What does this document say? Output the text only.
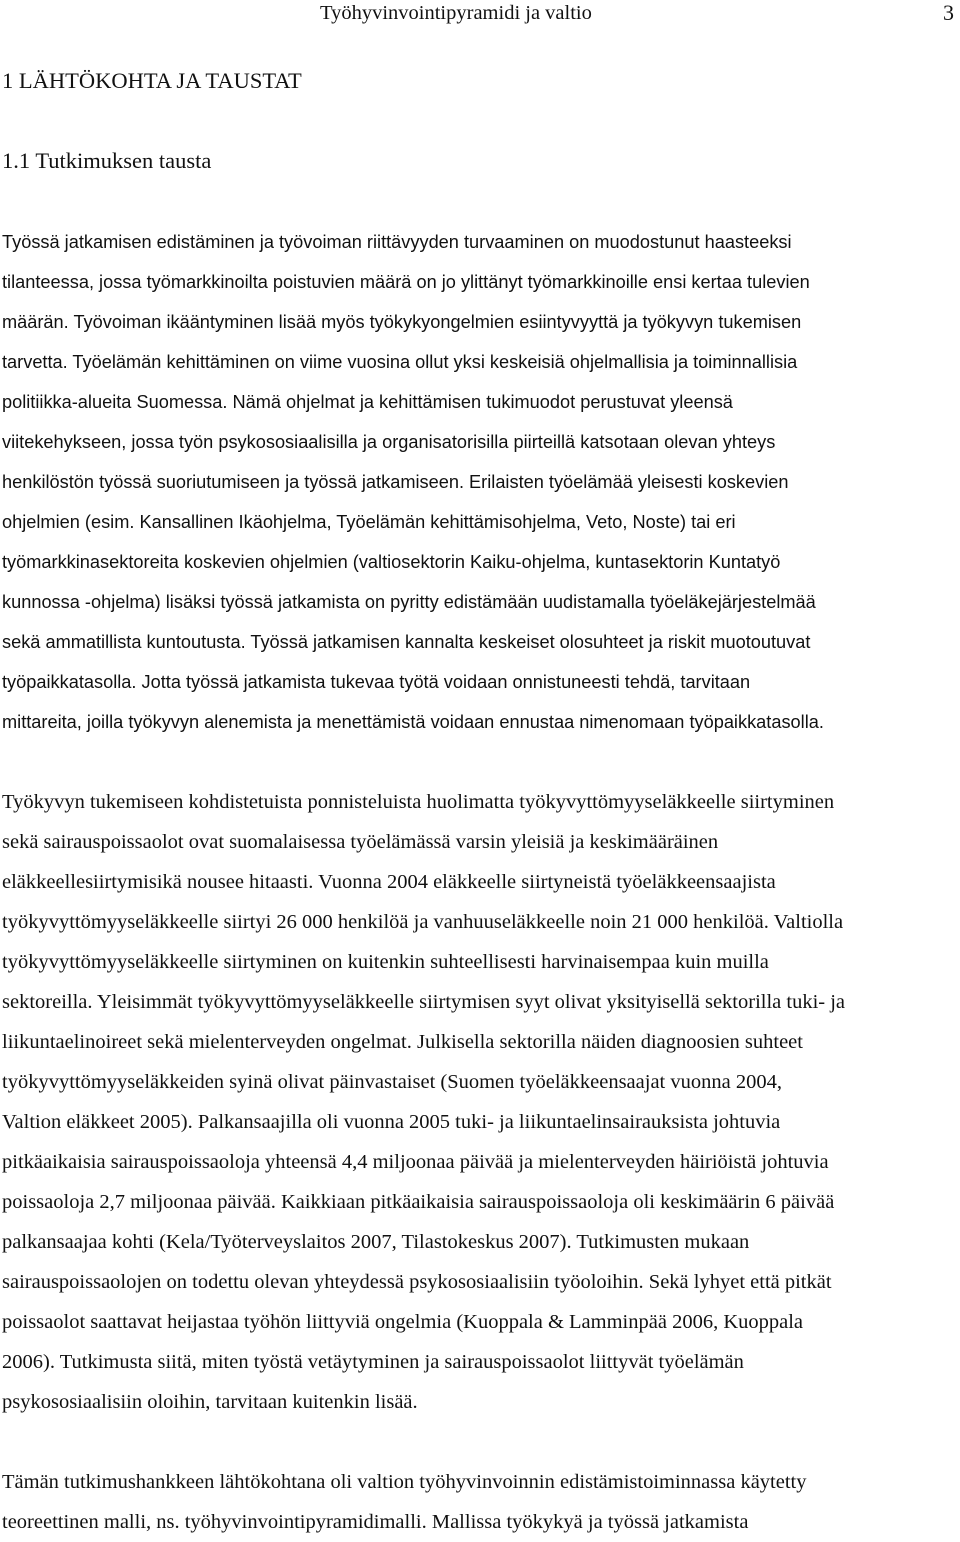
Työhyvinvointipyramidi ja valtio	3
1 LÄHTÖKOHTA JA TAUSTAT
1.1 Tutkimuksen tausta
Työssä jatkamisen edistäminen ja työvoiman riittävyyden turvaaminen on muodostunut haasteeksi
tilanteessa, jossa työmarkkinoilta poistuvien määrä on jo ylittänyt työmarkkinoille ensi kertaa tulevien
määrän. Työvoiman ikääntyminen lisää myös työkykyongelmien esiintyvyyttä ja työkyvyn tukemisen
tarvetta. Työelämän kehittäminen on viime vuosina ollut yksi keskeisiä ohjelmallisia ja toiminnallisia
politiikka-alueita Suomessa. Nämä ohjelmat ja kehittämisen tukimuodot perustuvat yleensä
viitekehykseen, jossa työn psykososiaalisilla ja organisatorisilla piirteillä katsotaan olevan yhteys
henkilöstön työssä suoriutumiseen ja työssä jatkamiseen. Erilaisten työelämää yleisesti koskevien
ohjelmien (esim. Kansallinen Ikäohjelma, Työelämän kehittämisohjelma, Veto, Noste) tai eri
työmarkkinasektoreita koskevien ohjelmien (valtiosektorin Kaiku-ohjelma, kuntasektorin Kuntatyö
kunnossa -ohjelma) lisäksi työssä jatkamista on pyritty edistämään uudistamalla työeläkejärjestelmää
sekä ammatillista kuntoutusta. Työssä jatkamisen kannalta keskeiset olosuhteet ja riskit muotoutuvat
työpaikkatasolla. Jotta työssä jatkamista tukevaa työtä voidaan onnistuneesti tehdä, tarvitaan
mittareita, joilla työkyvyn alenemista ja menettämistä voidaan ennustaa nimenomaan työpaikkatasolla.
Työkyvyn tukemiseen kohdistetuista ponnisteluista huolimatta työkyvyttömyyseläkkeelle siirtyminen
sekä sairauspoissaolot ovat suomalaisessa työelämässä varsin yleisiä ja keskimääräinen
eläkkeellesiirtymisikä nousee hitaasti. Vuonna 2004 eläkkeelle siirtyneistä työeläkkeensaajista
työkyvyttömyyseläkkeelle siirtyi 26 000 henkilöä ja vanhuuseläkkeelle noin 21 000 henkilöä. Valtiolla
työkyvyttömyyseläkkeelle siirtyminen on kuitenkin suhteellisesti harvinaisempaa kuin muilla
sektoreilla. Yleisimmät työkyvyttömyyseläkkeelle siirtymisen syyt olivat yksityisellä sektorilla tuki- ja
liikuntaelinoireet sekä mielenterveyden ongelmat. Julkisella sektorilla näiden diagnoosien suhteet
työkyvyttömyyseläkkeiden syinä olivat päinvastaiset (Suomen työeläkkeensaajat vuonna 2004,
Valtion eläkkeet 2005). Palkansaajilla oli vuonna 2005 tuki- ja liikuntaelinsairauksista johtuvia
pitkäaikaisia sairauspoissaoloja yhteensä 4,4 miljoonaa päivää ja mielenterveyden häiriöistä johtuvia
poissaoloja 2,7 miljoonaa päivää. Kaikkiaan pitkäaikaisia sairauspoissaoloja oli keskimäärin 6 päivää
palkansaajaa kohti (Kela/Työterveyslaitos 2007, Tilastokeskus 2007). Tutkimusten mukaan
sairauspoissaolojen on todettu olevan yhteydessä psykososiaalisiin työoloihin. Sekä lyhyet että pitkät
poissaolot saattavat heijastaa työhön liittyviä ongelmia (Kuoppala & Lamminpää 2006, Kuoppala
2006). Tutkimusta siitä, miten työstä vetäytyminen ja sairauspoissaolot liittyvät työelämän
psykososiaalisiin oloihin, tarvitaan kuitenkin lisää.
Tämän tutkimushankkeen lähtökohtana oli valtion työhyvinvoinnin edistämistoiminnassa käytetty
teoreettinen malli, ns. työhyvinvointipyramidimalli. Mallissa työkykyä ja työssä jatkamista
